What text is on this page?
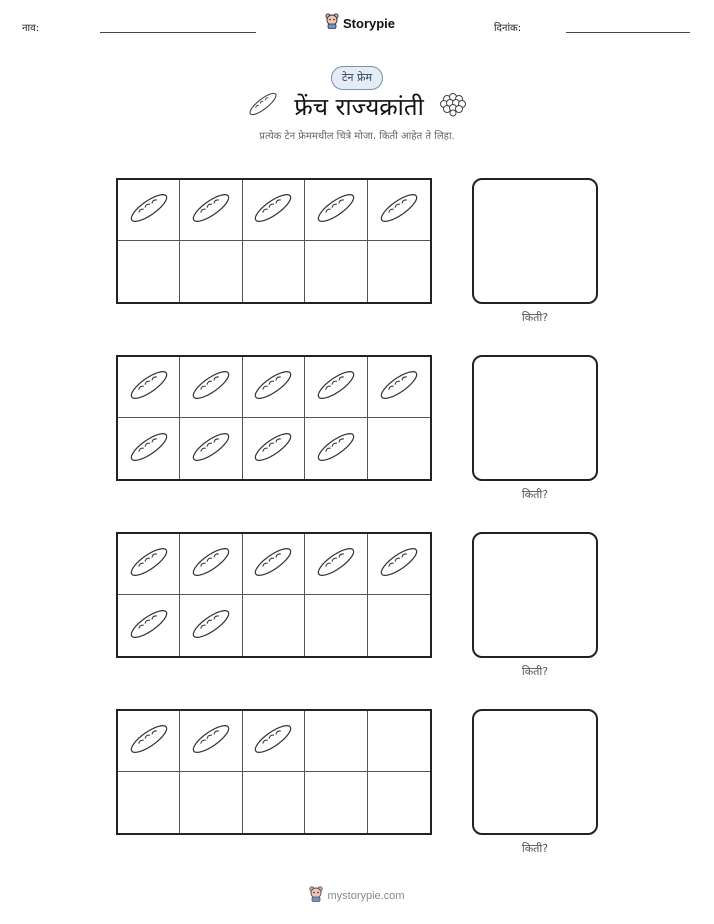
नाव:	Storypie	दिनांक:
टेन फ्रेम
फ्रेंच राज्यक्रांती
प्रत्येक टेन फ्रेममधील चित्रे मोजा. किती आहेत ते लिहा.
किती?
किती?
किती?
किती?
mystorypie.com
